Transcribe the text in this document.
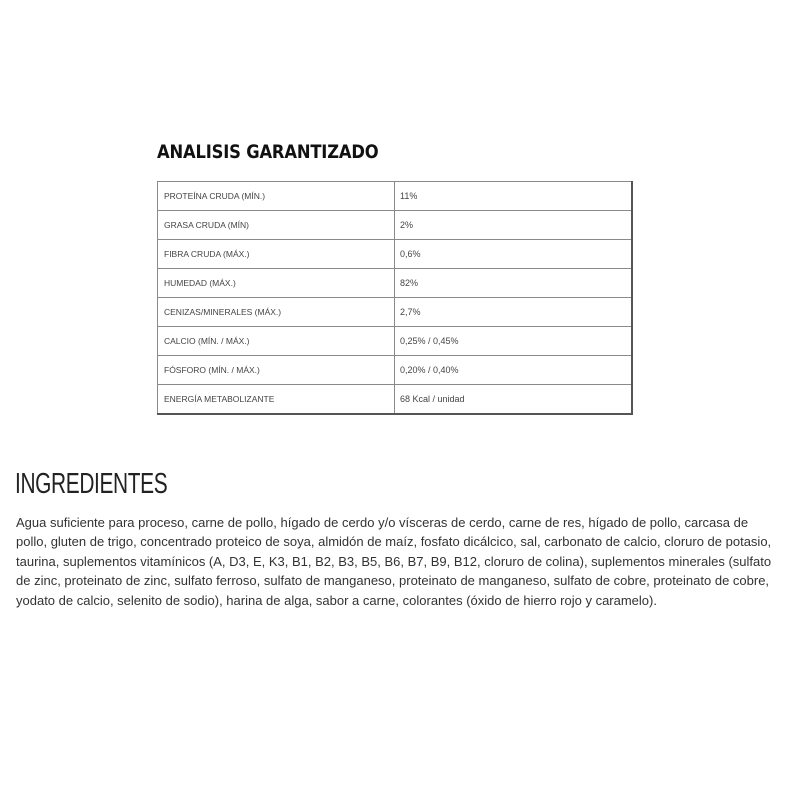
ANALISIS GARANTIZADO
PROTEÍNA CRUDA (MÍN.)	11%
GRASA CRUDA (MÍN)	2%
FIBRA CRUDA (MÁX.)	0,6%
HUMEDAD (MÁX.)	82%
CENIZAS/MINERALES (MÁX.)	2,7%
CALCIO (MÍN. / MÁX.)	0,25% / 0,45%
FÓSFORO (MÍN. / MÁX.)	0,20% / 0,40%
ENERGÍA METABOLIZANTE	68 Kcal / unidad
INGREDIENTES

Agua suficiente para proceso, carne de pollo, hígado de cerdo y/o vísceras de cerdo, carne de res, hígado de pollo, carcasa de pollo, gluten de trigo, concentrado proteico de soya, almidón de maíz, fosfato dicálcico, sal, carbonato de calcio, cloruro de potasio, taurina, suplementos vitamínicos (A, D3, E, K3, B1, B2, B3, B5, B6, B7, B9, B12, cloruro de colina), suplementos minerales (sulfato de zinc, proteinato de zinc, sulfato ferroso, sulfato de manganeso, proteinato de manganeso, sulfato de cobre, proteinato de cobre, yodato de calcio, selenito de sodio), harina de alga, sabor a carne, colorantes (óxido de hierro rojo y caramelo).
